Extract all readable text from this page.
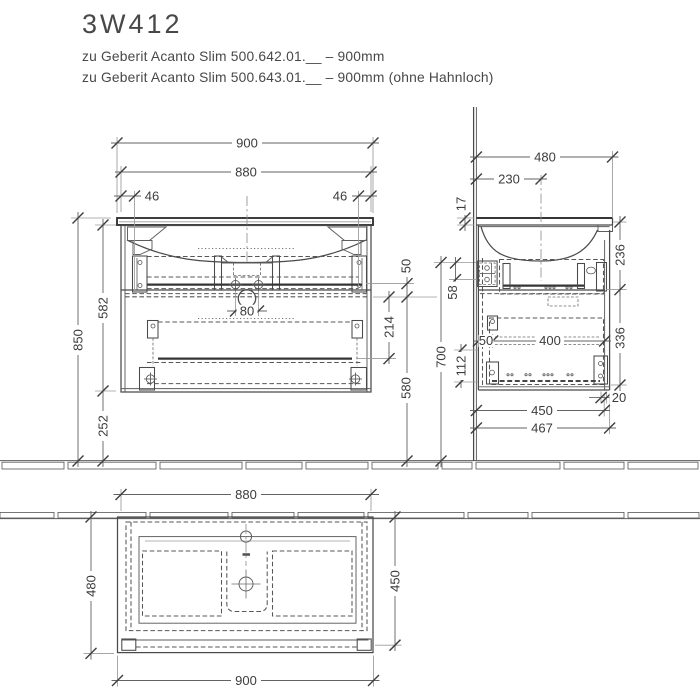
3W412
zu Geberit Acanto Slim 500.642.01.__ – 900mm
zu Geberit Acanto Slim 500.643.01.__ – 900mm (ohne Hahnloch)
900
880
46	46
850
582
252
80
50
580
214
700
480
230
17
58
112
50	400
236
336
20
450
467
880
480	450
900
